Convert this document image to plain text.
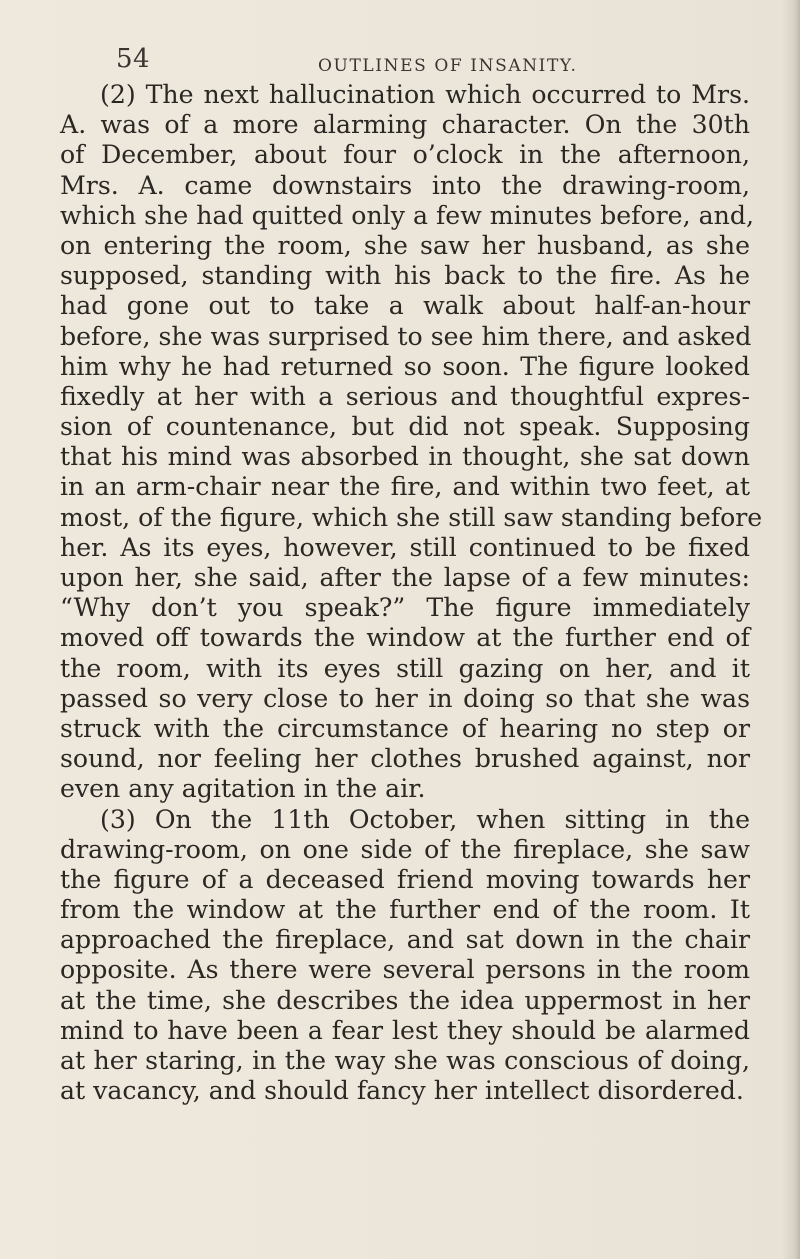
54	OUTLINES OF INSANITY.
(2) The next hallucination which occurred to Mrs.
A. was of a more alarming character. On the 30th
of December, about four o’clock in the afternoon,
Mrs. A. came downstairs into the drawing-room,
which she had quitted only a few minutes before, and,
on entering the room, she saw her husband, as she
supposed, standing with his back to the fire. As he
had gone out to take a walk about half-an-hour
before, she was surprised to see him there, and asked
him why he had returned so soon. The figure looked
fixedly at her with a serious and thoughtful expres-
sion of countenance, but did not speak. Supposing
that his mind was absorbed in thought, she sat down
in an arm-chair near the fire, and within two feet, at
most, of the figure, which she still saw standing before
her. As its eyes, however, still continued to be fixed
upon her, she said, after the lapse of a few minutes:
“Why don’t you speak?” The figure immediately
moved off towards the window at the further end of
the room, with its eyes still gazing on her, and it
passed so very close to her in doing so that she was
struck with the circumstance of hearing no step or
sound, nor feeling her clothes brushed against, nor
even any agitation in the air.
(3) On the 11th October, when sitting in the
drawing-room, on one side of the fireplace, she saw
the figure of a deceased friend moving towards her
from the window at the further end of the room. It
approached the fireplace, and sat down in the chair
opposite. As there were several persons in the room
at the time, she describes the idea uppermost in her
mind to have been a fear lest they should be alarmed
at her staring, in the way she was conscious of doing,
at vacancy, and should fancy her intellect disordered.
